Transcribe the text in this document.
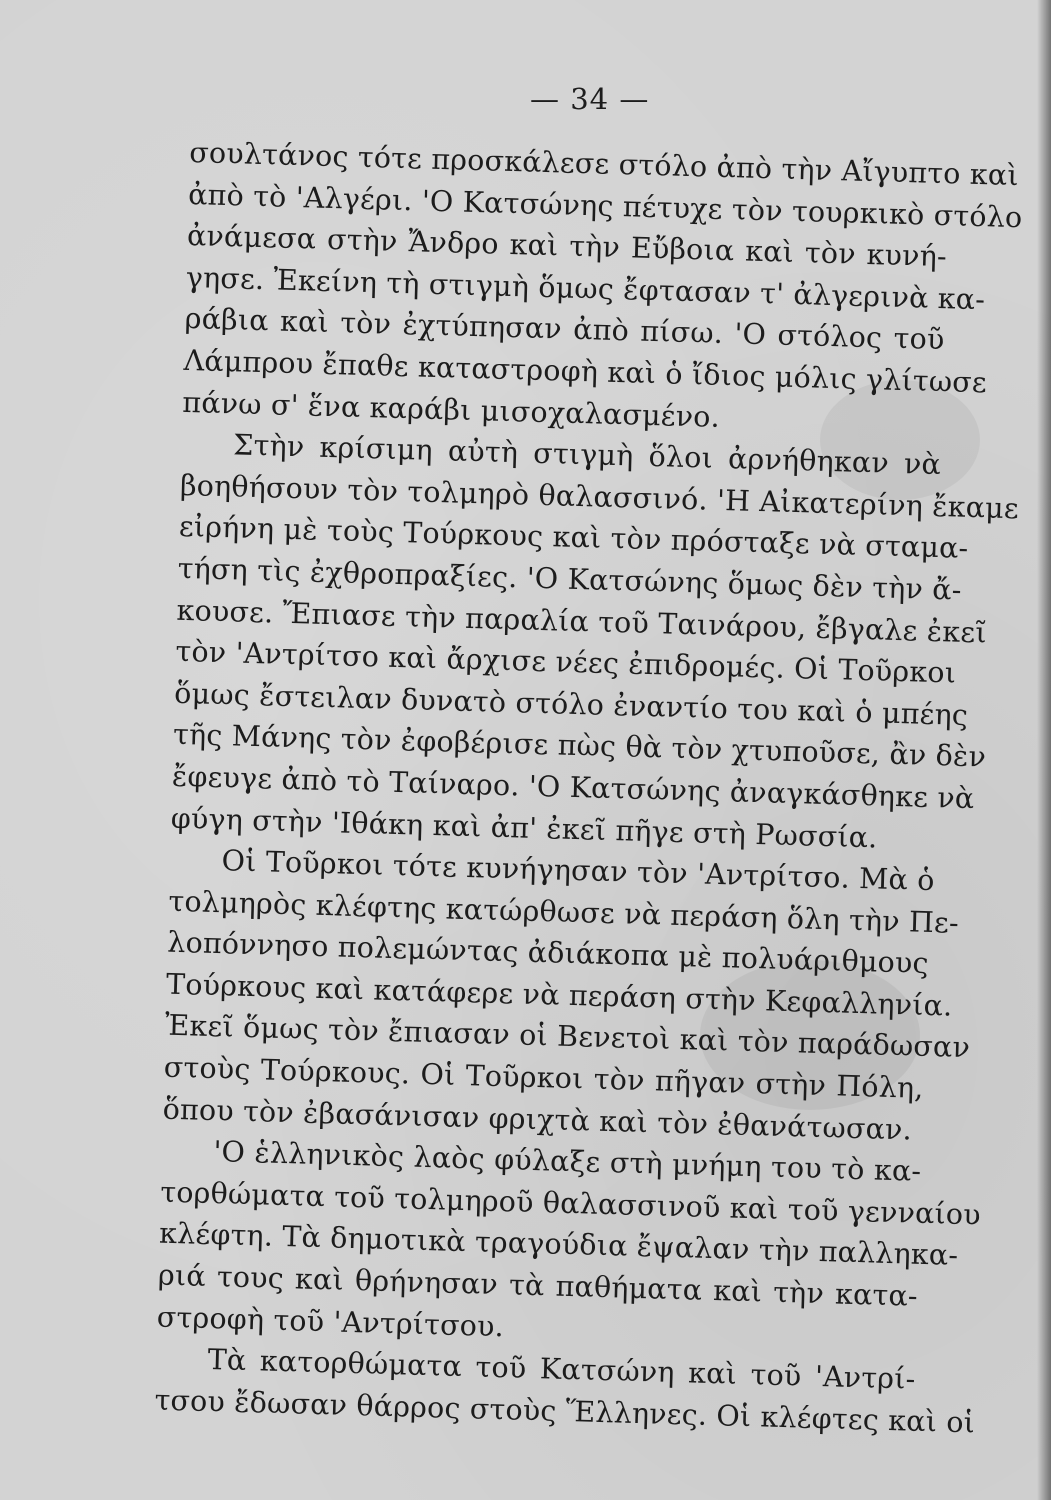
— 34 —
σουλτάνος τότε προσκάλεσε στόλο ἀπὸ τὴν Αἴγυπτο καὶ
ἀπὸ τὸ 'Αλγέρι. 'Ο Κατσώνης πέτυχε τὸν τουρκικὸ στόλο
ἀνάμεσα στὴν Ἄνδρο καὶ τὴν Εὔβοια καὶ τὸν κυνή-
γησε. Ἐκείνη τὴ στιγμὴ ὅμως ἔφτασαν τ' ἀλγερινὰ κα-
ράβια καὶ τὸν ἐχτύπησαν ἀπὸ πίσω. 'Ο στόλος τοῦ
Λάμπρου ἔπαθε καταστροφὴ καὶ ὁ ἴδιος μόλις γλίτωσε
πάνω σ' ἕνα καράβι μισοχαλασμένο.
Στὴν κρίσιμη αὐτὴ στιγμὴ ὅλοι ἀρνήθηκαν νὰ
βοηθήσουν τὸν τολμηρὸ θαλασσινό. 'Η Αἰκατερίνη ἔκαμε
εἰρήνη μὲ τοὺς Τούρκους καὶ τὸν πρόσταξε νὰ σταμα-
τήση τὶς ἐχθροπραξίες. 'Ο Κατσώνης ὅμως δὲν τὴν ἄ-
κουσε. Ἔπιασε τὴν παραλία τοῦ Ταινάρου, ἔβγαλε ἐκεῖ
τὸν 'Αντρίτσο καὶ ἄρχισε νέες ἐπιδρομές. Οἱ Τοῦρκοι
ὅμως ἔστειλαν δυνατὸ στόλο ἐναντίο του καὶ ὁ μπέης
τῆς Μάνης τὸν ἐφοβέρισε πὼς θὰ τὸν χτυποῦσε, ἂν δὲν
ἔφευγε ἀπὸ τὸ Ταίναρο. 'Ο Κατσώνης ἀναγκάσθηκε νὰ
φύγη στὴν 'Ιθάκη καὶ ἀπ' ἐκεῖ πῆγε στὴ Ρωσσία.
Οἱ Τοῦρκοι τότε κυνήγησαν τὸν 'Αντρίτσο. Μὰ ὁ
τολμηρὸς κλέφτης κατώρθωσε νὰ περάση ὅλη τὴν Πε-
λοπόννησο πολεμώντας ἀδιάκοπα μὲ πολυάριθμους
Τούρκους καὶ κατάφερε νὰ περάση στὴν Κεφαλληνία.
Ἐκεῖ ὅμως τὸν ἔπιασαν οἱ Βενετοὶ καὶ τὸν παράδωσαν
στοὺς Τούρκους. Οἱ Τοῦρκοι τὸν πῆγαν στὴν Πόλη,
ὅπου τὸν ἐβασάνισαν φριχτὰ καὶ τὸν ἐθανάτωσαν.
'Ο ἑλληνικὸς λαὸς φύλαξε στὴ μνήμη του τὸ κα-
τορθώματα τοῦ τολμηροῦ θαλασσινοῦ καὶ τοῦ γενναίου
κλέφτη. Τὰ δημοτικὰ τραγούδια ἔψαλαν τὴν παλληκα-
ριά τους καὶ θρήνησαν τὰ παθήματα καὶ τὴν κατα-
στροφὴ τοῦ 'Αντρίτσου.
Τὰ κατορθώματα τοῦ Κατσώνη καὶ τοῦ 'Αντρί-
τσου ἔδωσαν θάρρος στοὺς Ἕλληνες. Οἱ κλέφτες καὶ οἱ
